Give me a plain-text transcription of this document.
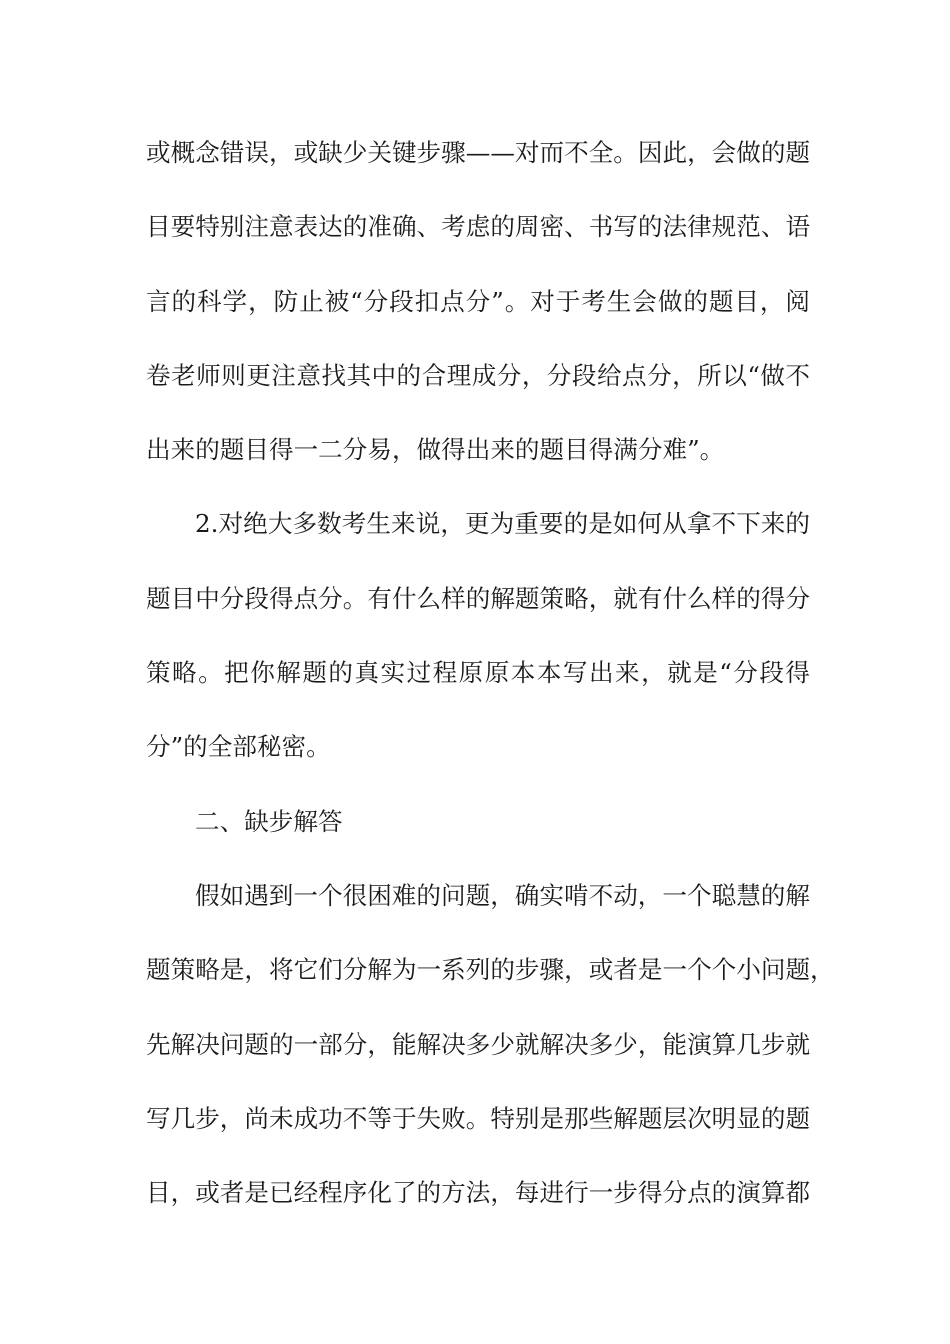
或概念错误，或缺少关键步骤——对而不全。因此，会做的题
目要特别注意表达的准确、考虑的周密、书写的法律规范、语
言的科学，防止被“分段扣点分”。对于考生会做的题目，阅
卷老师则更注意找其中的合理成分，分段给点分，所以“做不
出来的题目得一二分易，做得出来的题目得满分难”。
2.对绝大多数考生来说，更为重要的是如何从拿不下来的
题目中分段得点分。有什么样的解题策略，就有什么样的得分
策略。把你解题的真实过程原原本本写出来，就是“分段得
分”的全部秘密。
二、缺步解答
假如遇到一个很困难的问题，确实啃不动，一个聪慧的解
题策略是，将它们分解为一系列的步骤，或者是一个个小问题，
先解决问题的一部分，能解决多少就解决多少，能演算几步就
写几步，尚未成功不等于失败。特别是那些解题层次明显的题
目，或者是已经程序化了的方法，每进行一步得分点的演算都
